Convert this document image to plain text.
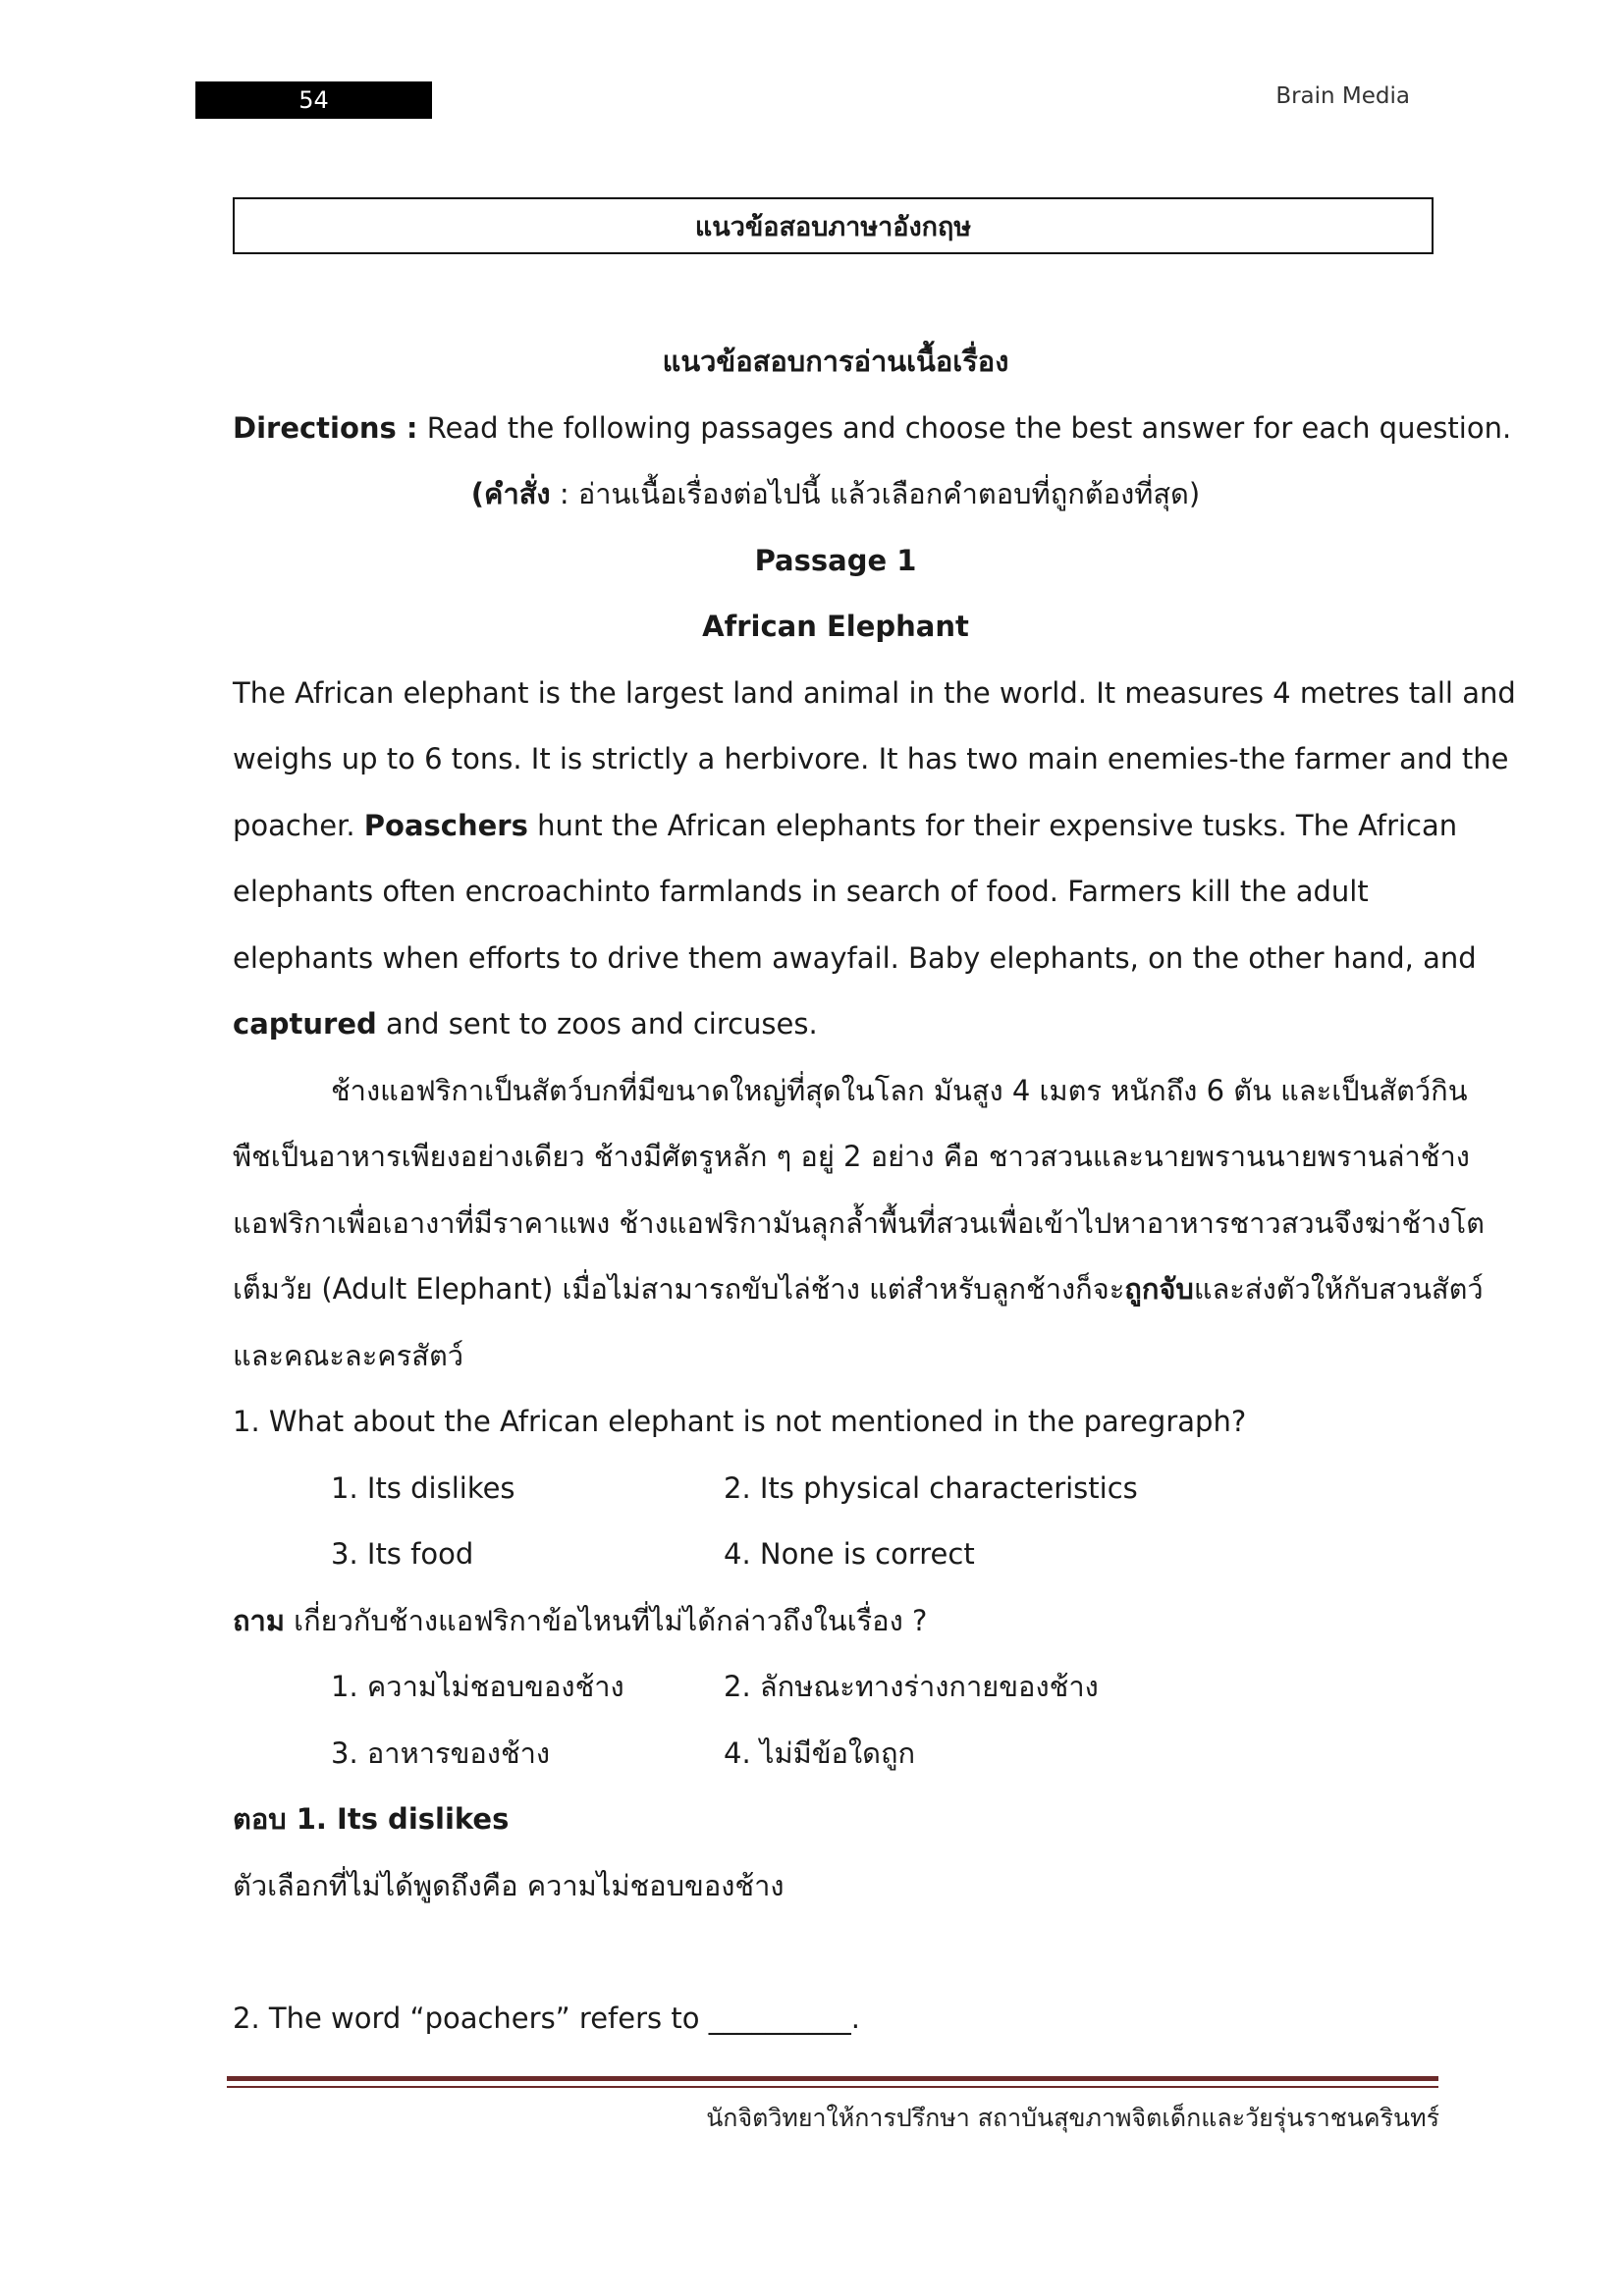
54	Brain Media
แนวข้อสอบภาษาอังกฤษ
แนวข้อสอบการอ่านเนื้อเรื่อง
Directions : Read the following passages and choose the best answer for each question.
(คำสั่ง : อ่านเนื้อเรื่องต่อไปนี้ แล้วเลือกคำตอบที่ถูกต้องที่สุด)
Passage 1
African Elephant
The African elephant is the largest land animal in the world. It measures 4 metres tall and
weighs up to 6 tons. It is strictly a herbivore. It has two main enemies-the farmer and the
poacher. Poaschers hunt the African elephants for their expensive tusks. The African
elephants often encroachinto farmlands in search of food. Farmers kill the adult
elephants when efforts to drive them awayfail. Baby elephants, on the other hand, and
captured and sent to zoos and circuses.
ช้างแอฟริกาเป็นสัตว์บกที่มีขนาดใหญ่ที่สุดในโลก มันสูง 4 เมตร หนักถึง 6 ตัน และเป็นสัตว์กิน
พืชเป็นอาหารเพียงอย่างเดียว ช้างมีศัตรูหลัก ๆ อยู่ 2 อย่าง คือ ชาวสวนและนายพรานนายพรานล่าช้าง
แอฟริกาเพื่อเอางาที่มีราคาแพง ช้างแอฟริกามันลุกล้ำพื้นที่สวนเพื่อเข้าไปหาอาหารชาวสวนจึงฆ่าช้างโต
เต็มวัย (Adult Elephant) เมื่อไม่สามารถขับไล่ช้าง แต่สำหรับลูกช้างก็จะถูกจับและส่งตัวให้กับสวนสัตว์
และคณะละครสัตว์
1. What about the African elephant is not mentioned in the paregraph?
1. Its dislikes	2. Its physical characteristics
3. Its food	4. None is correct
ถาม เกี่ยวกับช้างแอฟริกาข้อไหนที่ไม่ได้กล่าวถึงในเรื่อง ?
1. ความไม่ชอบของช้าง	2. ลักษณะทางร่างกายของช้าง
3. อาหารของช้าง	4. ไม่มีข้อใดถูก
ตอบ 1. Its dislikes
ตัวเลือกที่ไม่ได้พูดถึงคือ ความไม่ชอบของช้าง
2. The word “poachers” refers to __________.
นักจิตวิทยาให้การปรึกษา สถาบันสุขภาพจิตเด็กและวัยรุ่นราชนครินทร์
